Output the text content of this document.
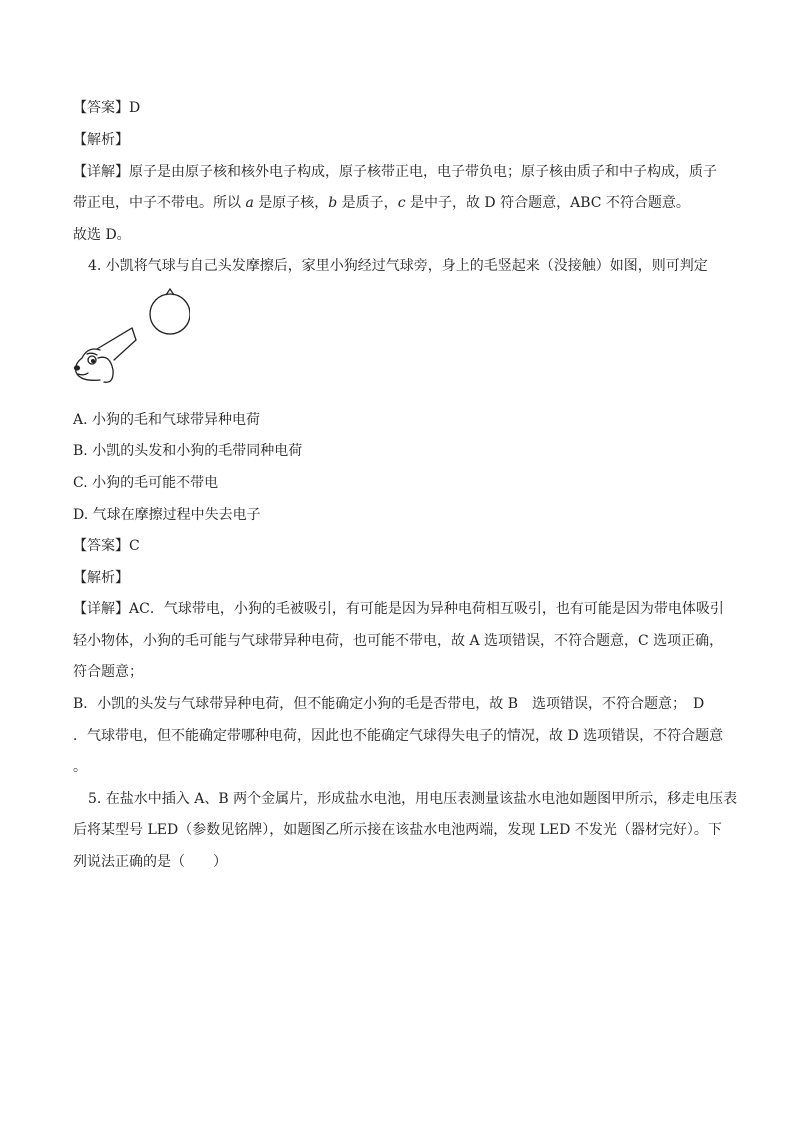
【答案】D
【解析】
【详解】原子是由原子核和核外电子构成，原子核带正电，电子带负电；原子核由质子和中子构成，质子
带正电，中子不带电。所以 a 是原子核，b 是质子，c 是中子，故 D 符合题意，ABC 不符合题意。
故选 D。
4. 小凯将气球与自己头发摩擦后，家里小狗经过气球旁，身上的毛竖起来（没接触）如图，则可判定
A. 小狗的毛和气球带异种电荷
B. 小凯的头发和小狗的毛带同种电荷
C. 小狗的毛可能不带电
D. 气球在摩擦过程中失去电子
【答案】C
【解析】
【详解】AC．气球带电，小狗的毛被吸引，有可能是因为异种电荷相互吸引，也有可能是因为带电体吸引
轻小物体，小狗的毛可能与气球带异种电荷，也可能不带电，故 A 选项错误，不符合题意，C 选项正确，
符合题意；
B．小凯的头发与气球带异种电荷，但不能确定小狗的毛是否带电，故 B　选项错误，不符合题意；　D
．气球带电，但不能确定带哪种电荷，因此也不能确定气球得失电子的情况，故 D 选项错误，不符合题意
。
5. 在盐水中插入 A、B 两个金属片，形成盐水电池，用电压表测量该盐水电池如题图甲所示，移走电压表
后将某型号 LED（参数见铭牌），如题图乙所示接在该盐水电池两端，发现 LED 不发光（器材完好）。下
列说法正确的是（　　）
